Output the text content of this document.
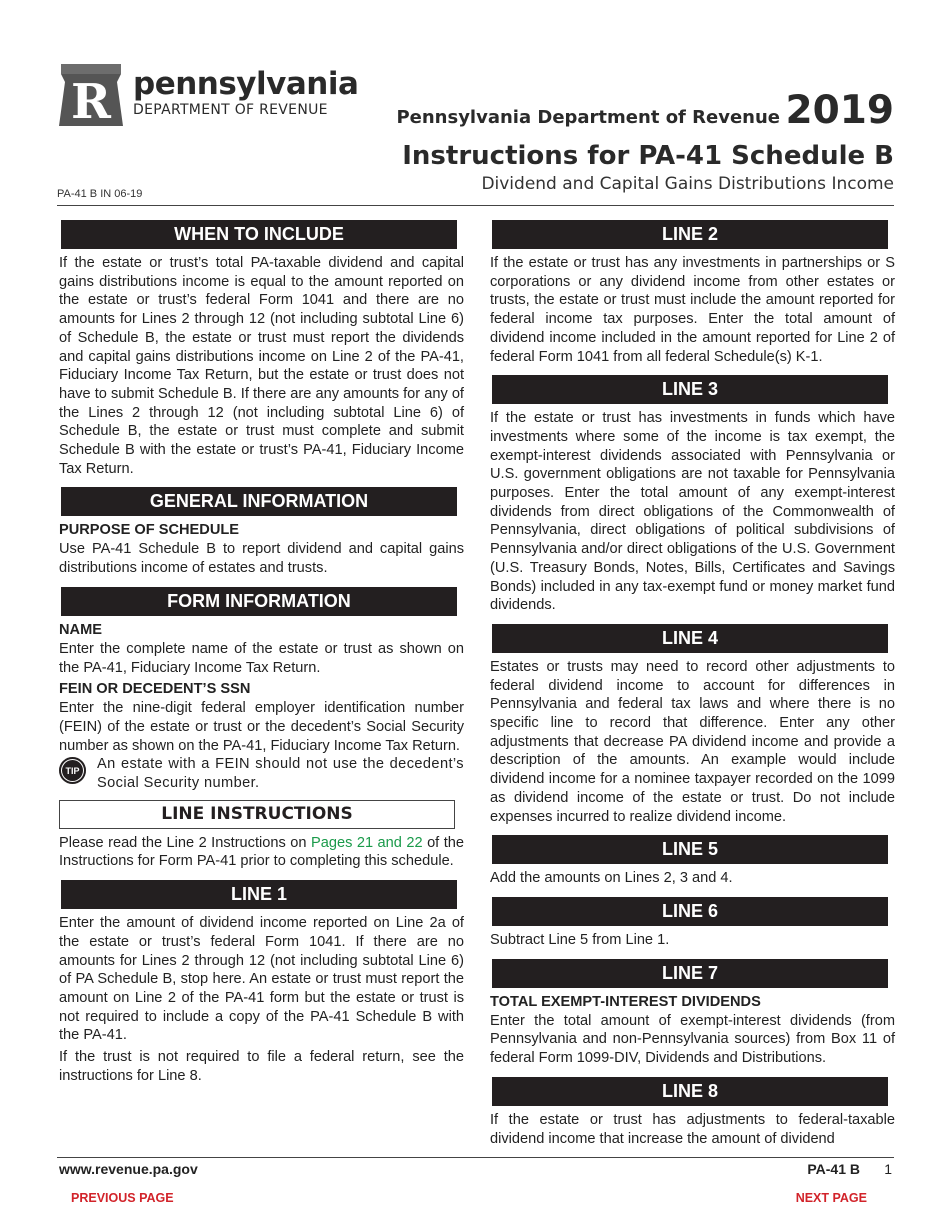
R pennsylvania
DEPARTMENT OF REVENUE	Pennsylvania Department of Revenue 2019
Instructions for PA-41 Schedule B
Dividend and Capital Gains Distributions Income
PA-41 B IN 06-19
WHEN TO INCLUDE

If the estate or trust’s total PA-taxable dividend and capital gains distributions income is equal to the amount reported on the estate or trust’s federal Form 1041 and there are no amounts for Lines 2 through 12 (not including subtotal Line 6) of Schedule B, the estate or trust must report the dividends and capital gains distributions income on Line 2 of the PA-41, Fiduciary Income Tax Return, but the estate or trust does not have to submit Schedule B. If there are any amounts for any of the Lines 2 through 12 (not including subtotal Line 6) of Schedule B, the estate or trust must complete and submit Schedule B with the estate or trust’s PA-41, Fiduciary Income Tax Return.

GENERAL INFORMATION
PURPOSE OF SCHEDULE

Use PA-41 Schedule B to report dividend and capital gains distributions income of estates and trusts.

FORM INFORMATION
NAME

Enter the complete name of the estate or trust as shown on the PA-41, Fiduciary Income Tax Return.

FEIN OR DECEDENT’S SSN

Enter the nine-digit federal employer identification number (FEIN) of the estate or trust or the decedent’s Social Security number as shown on the PA-41, Fiduciary Income Tax Return.

TIP	An estate with a FEIN should not use the decedent’s Social Security number.

LINE INSTRUCTIONS

Please read the Line 2 Instructions on Pages 21 and 22 of the Instructions for Form PA-41 prior to completing this schedule.

LINE 1

Enter the amount of dividend income reported on Line 2a of the estate or trust’s federal Form 1041. If there are no amounts for Lines 2 through 12 (not including subtotal Line 6) of PA Schedule B, stop here. An estate or trust must report the amount on Line 2 of the PA-41 form but the estate or trust is not required to include a copy of the PA-41 Schedule B with the PA-41.

If the trust is not required to file a federal return, see the instructions for Line 8.

LINE 2

If the estate or trust has any investments in partnerships or S corporations or any dividend income from other estates or trusts, the estate or trust must include the amount reported for federal income tax purposes. Enter the total amount of dividend income included in the amount reported for Line 2 of federal Form 1041 from all federal Schedule(s) K-1.

LINE 3

If the estate or trust has investments in funds which have investments where some of the income is tax exempt, the exempt-interest dividends associated with Pennsylvania or U.S. government obligations are not taxable for Pennsylvania purposes. Enter the total amount of any exempt-interest dividends from direct obligations of the Commonwealth of Pennsylvania, direct obligations of political subdivisions of Pennsylvania and/or direct obligations of the U.S. Government (U.S. Treasury Bonds, Notes, Bills, Certificates and Savings Bonds) included in any tax-exempt fund or money market fund dividends.

LINE 4

Estates or trusts may need to record other adjustments to federal dividend income to account for differences in Pennsylvania and federal tax laws and where there is no specific line to record that difference. Enter any other adjustments that decrease PA dividend income and provide a description of the amounts. An example would include dividend income for a nominee taxpayer recorded on the 1099 as dividend income of the estate or trust. Do not include expenses incurred to realize dividend income.

LINE 5

Add the amounts on Lines 2, 3 and 4.

LINE 6

Subtract Line 5 from Line 1.

LINE 7
TOTAL EXEMPT-INTEREST DIVIDENDS

Enter the total amount of exempt-interest dividends (from Pennsylvania and non-Pennsylvania sources) from Box 11 of federal Form 1099-DIV, Dividends and Distributions.

LINE 8

If the estate or trust has adjustments to federal-taxable dividend income that increase the amount of dividend

www.revenue.pa.gov	PA-41 B 1
PREVIOUS PAGE	NEXT PAGE
